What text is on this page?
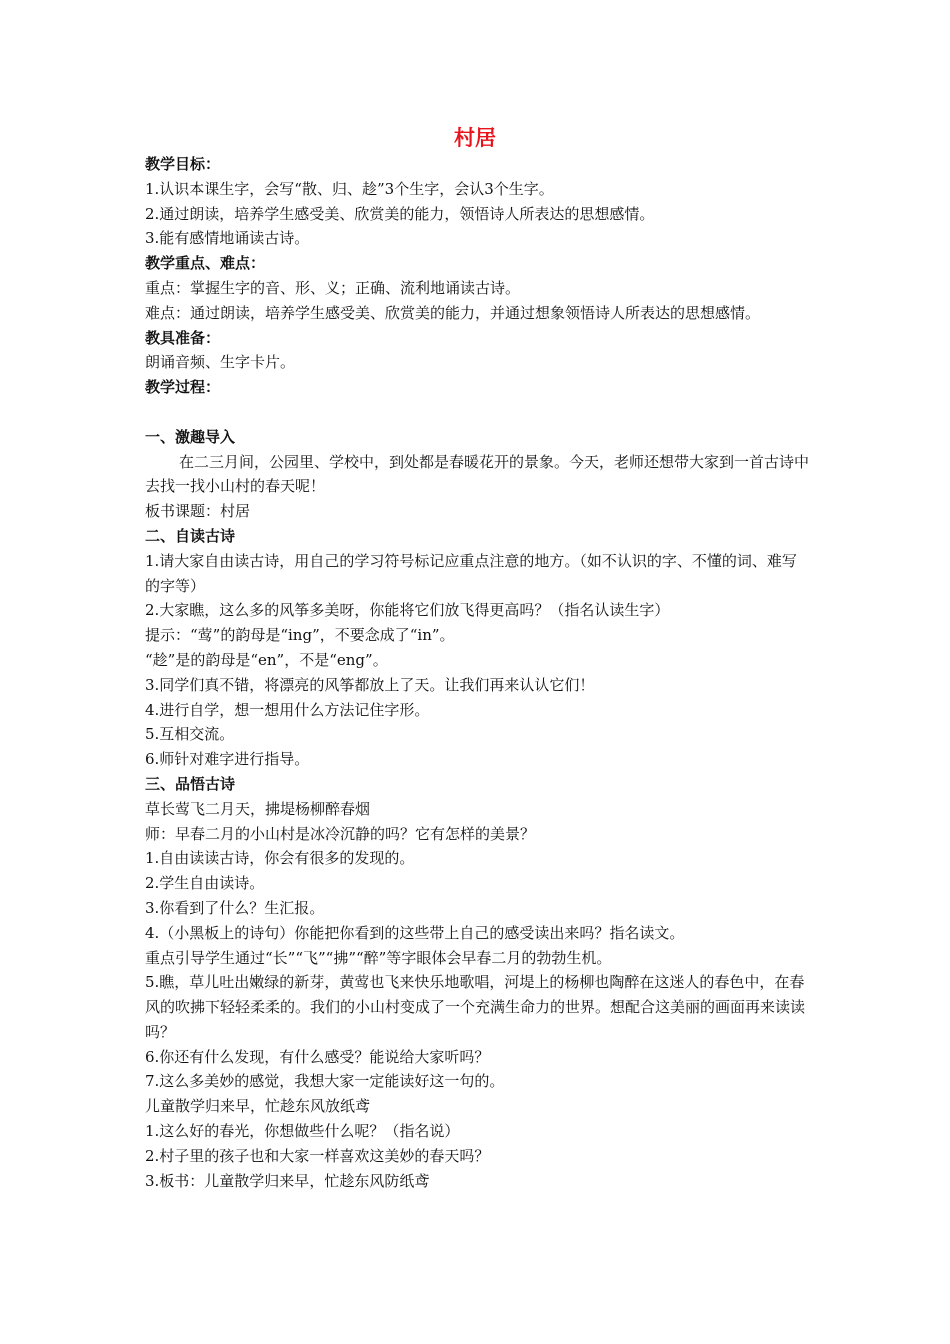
村居
教学目标：
1.认识本课生字，会写“散、归、趁”3个生字，会认3个生字。
2.通过朗读，培养学生感受美、欣赏美的能力，领悟诗人所表达的思想感情。
3.能有感情地诵读古诗。
教学重点、难点：
重点：掌握生字的音、形、义；正确、流利地诵读古诗。
难点：通过朗读，培养学生感受美、欣赏美的能力，并通过想象领悟诗人所表达的思想感情。
教具准备：
朗诵音频、生字卡片。
教学过程：
一、激趣导入
在二三月间，公园里、学校中，到处都是春暖花开的景象。今天，老师还想带大家到一首古诗中去找一找小山村的春天呢！
板书课题：村居
二、自读古诗
1.请大家自由读古诗，用自己的学习符号标记应重点注意的地方。（如不认识的字、不懂的词、难写的字等）
2.大家瞧，这么多的风筝多美呀，你能将它们放飞得更高吗？（指名认读生字）
提示：“莺”的韵母是“ing”，不要念成了“in”。
“趁”是的韵母是“en”，不是“eng”。
3.同学们真不错，将漂亮的风筝都放上了天。让我们再来认认它们！
4.进行自学，想一想用什么方法记住字形。
5.互相交流。
6.师针对难字进行指导。
三、品悟古诗
草长莺飞二月天，拂堤杨柳醉春烟
师：早春二月的小山村是冰冷沉静的吗？它有怎样的美景？
1.自由读读古诗，你会有很多的发现的。
2.学生自由读诗。
3.你看到了什么？生汇报。
4.（小黑板上的诗句）你能把你看到的这些带上自己的感受读出来吗？指名读文。
重点引导学生通过“长”“飞”“拂”“醉”等字眼体会早春二月的勃勃生机。
5.瞧，草儿吐出嫩绿的新芽，黄莺也飞来快乐地歌唱，河堤上的杨柳也陶醉在这迷人的春色中，在春风的吹拂下轻轻柔柔的。我们的小山村变成了一个充满生命力的世界。想配合这美丽的画面再来读读吗？
6.你还有什么发现，有什么感受？能说给大家听吗？
7.这么多美妙的感觉，我想大家一定能读好这一句的。
儿童散学归来早，忙趁东风放纸鸢
1.这么好的春光，你想做些什么呢？（指名说）
2.村子里的孩子也和大家一样喜欢这美妙的春天吗？
3.板书：儿童散学归来早，忙趁东风防纸鸢
